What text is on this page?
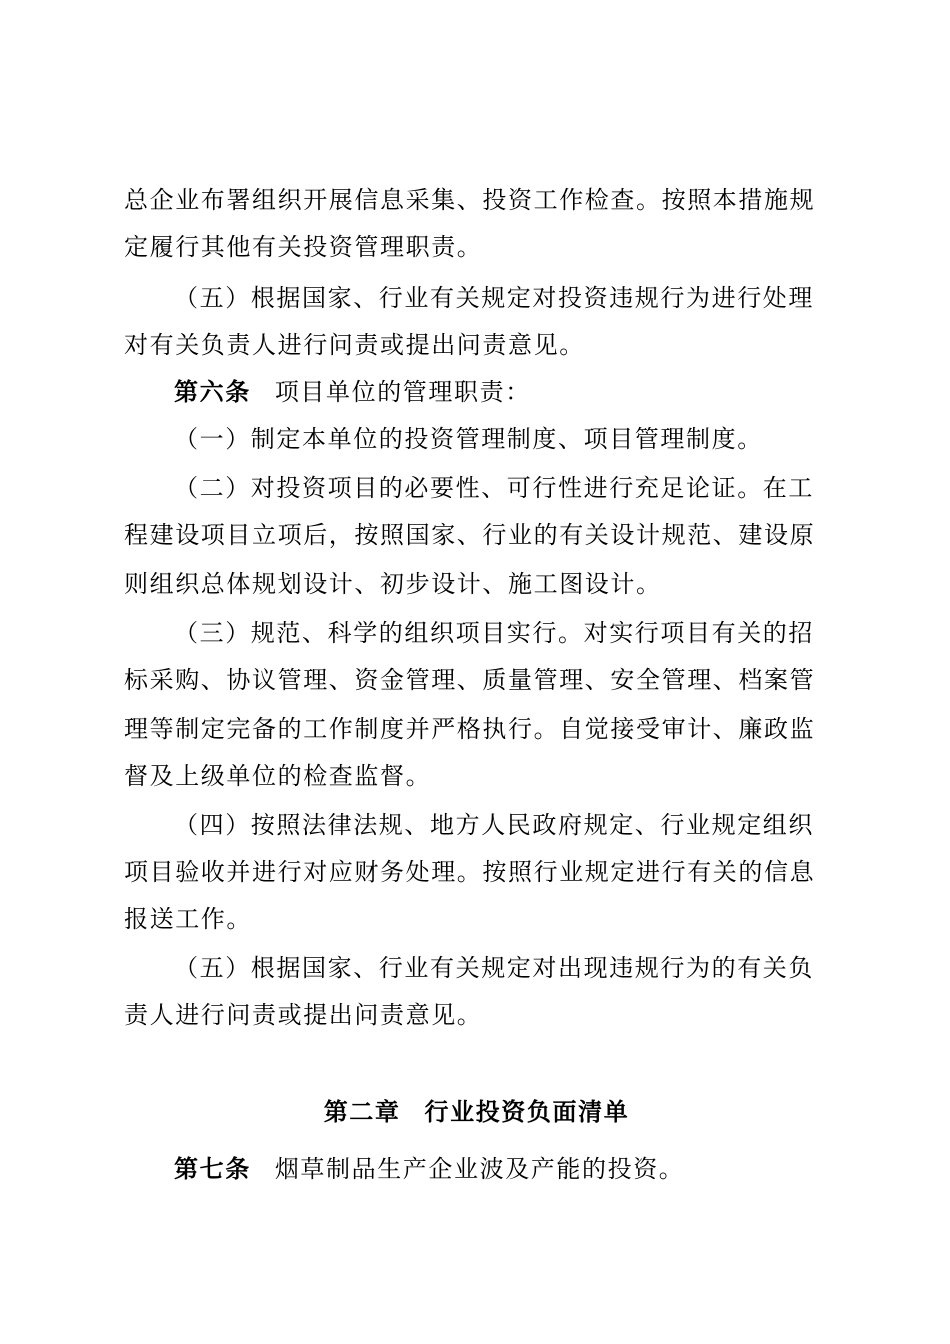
总企业布署组织开展信息采集、投资工作检查。按照本措施规
定履行其他有关投资管理职责。
（五）根据国家、行业有关规定对投资违规行为进行处理
对有关负责人进行问责或提出问责意见。
第六条 项目单位的管理职责：
（一）制定本单位的投资管理制度、项目管理制度。
（二）对投资项目的必要性、可行性进行充足论证。在工
程建设项目立项后，按照国家、行业的有关设计规范、建设原
则组织总体规划设计、初步设计、施工图设计。
（三）规范、科学的组织项目实行。对实行项目有关的招
标采购、协议管理、资金管理、质量管理、安全管理、档案管
理等制定完备的工作制度并严格执行。自觉接受审计、廉政监
督及上级单位的检查监督。
（四）按照法律法规、地方人民政府规定、行业规定组织
项目验收并进行对应财务处理。按照行业规定进行有关的信息
报送工作。
（五）根据国家、行业有关规定对出现违规行为的有关负
责人进行问责或提出问责意见。
第二章 行业投资负面清单
第七条 烟草制品生产企业波及产能的投资。
